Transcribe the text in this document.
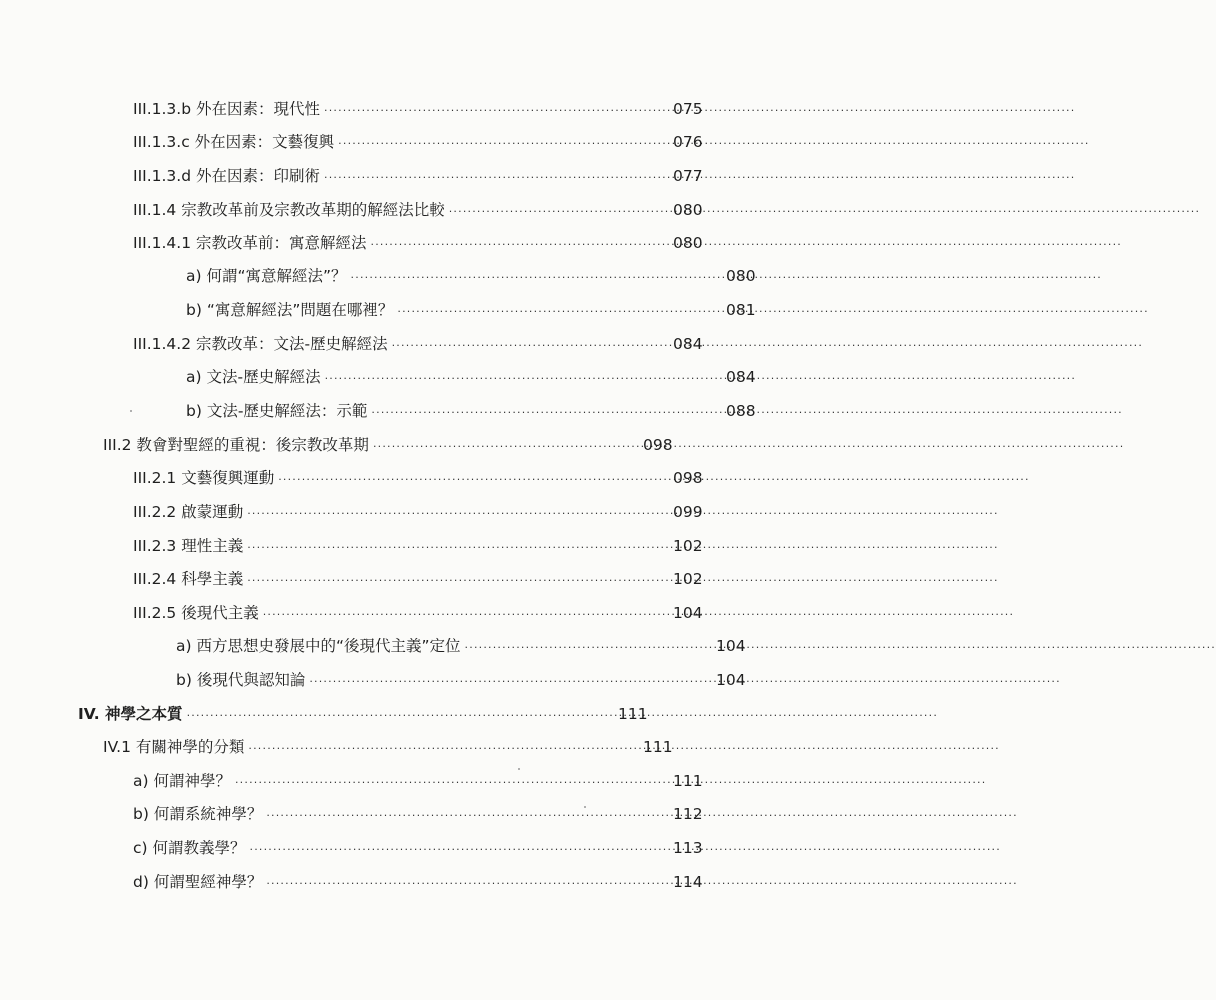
III.1.3.b 外在因素：現代性 .....	075
III.1.3.c 外在因素：文藝復興 .....	076
III.1.3.d 外在因素：印刷術 .....	077
III.1.4 宗教改革前及宗教改革期的解經法比較 .....	080
III.1.4.1 宗教改革前：寓意解經法 .....	080
a) 何謂“寓意解經法”？ .....	080
b) “寓意解經法”問題在哪裡？ .....	081
III.1.4.2 宗教改革：文法-歷史解經法 .....	084
a) 文法-歷史解經法 .....	084
b) 文法-歷史解經法：示範 .....	088
III.2 教會對聖經的重視：後宗教改革期 .....	098
III.2.1 文藝復興運動 .....	098
III.2.2 啟蒙運動 .....	099
III.2.3 理性主義 .....	102
III.2.4 科學主義 .....	102
III.2.5 後現代主義 .....	104
a) 西方思想史發展中的“後現代主義”定位 .....	104
b) 後現代與認知論 .....	104
IV. 神學之本質 .....	111
IV.1 有關神學的分類 .....	111
a) 何謂神學？ .....	111
b) 何謂系統神學？ .....	112
c) 何謂教義學？ .....	113
d) 何謂聖經神學？ .....	114
